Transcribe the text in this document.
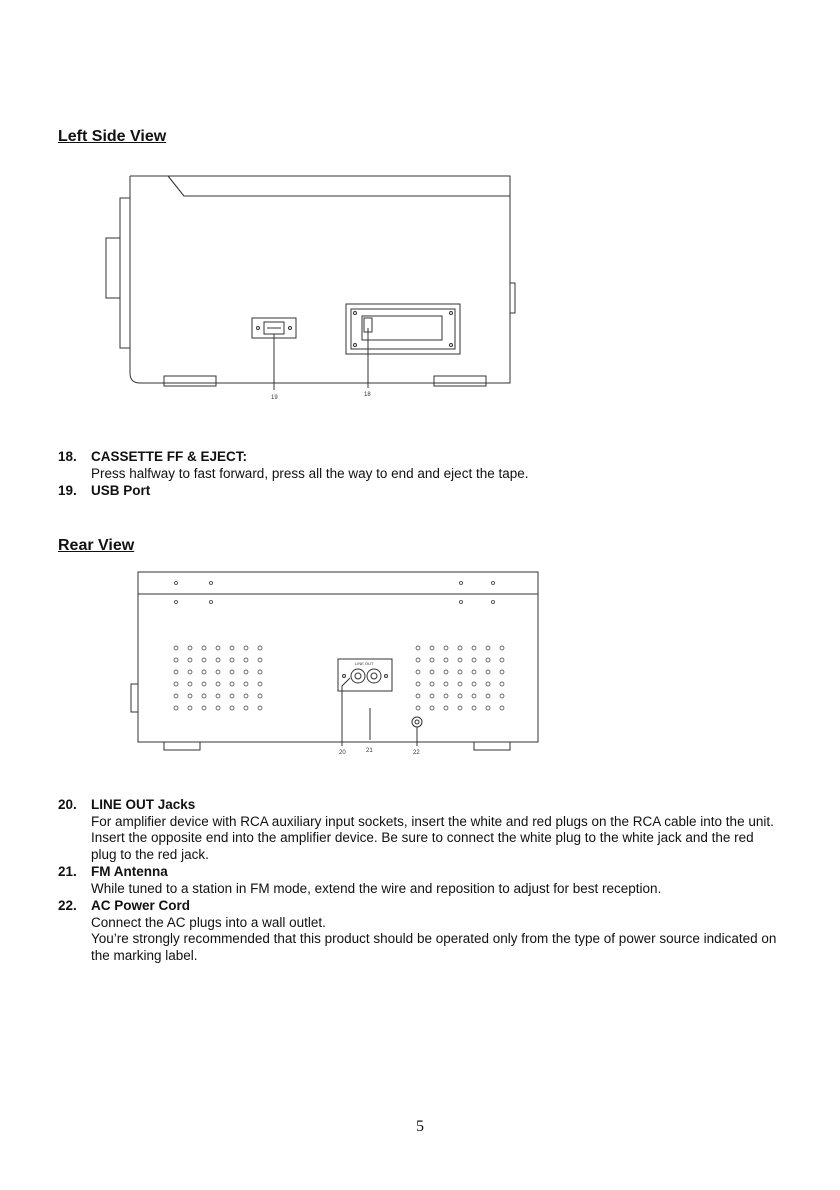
Left Side View
19	18
18.	CASSETTE FF & EJECT:

Press halfway to fast forward, press all the way to end and eject the tape.

19.	USB Port
Rear View
LINE OUT
20	21	22
20.	LINE OUT Jacks

For amplifier device with RCA auxiliary input sockets, insert the white and red plugs on the RCA cable into the unit. Insert the opposite end into the amplifier device. Be sure to connect the white plug to the white jack and the red plug to the red jack.

21.	FM Antenna

While tuned to a station in FM mode, extend the wire and reposition to adjust for best reception.

22.	AC Power Cord

Connect the AC plugs into a wall outlet.

You’re strongly recommended that this product should be operated only from the type of power source indicated on the marking label.

5
